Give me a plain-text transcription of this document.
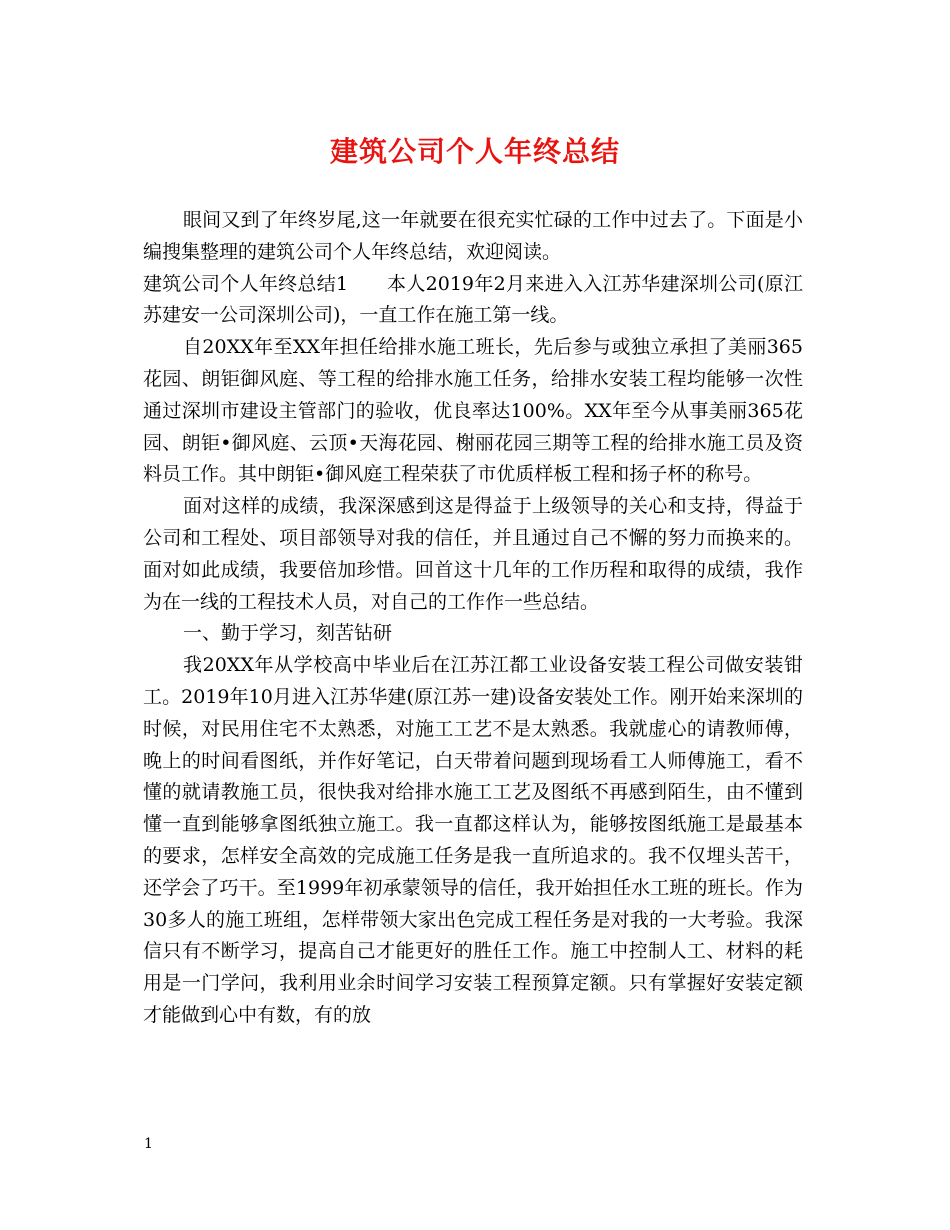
建筑公司个人年终总结

眼间又到了年终岁尾,这一年就要在很充实忙碌的工作中过去了。下面是小编搜集整理的建筑公司个人年终总结，欢迎阅读。

建筑公司个人年终总结1　　本人2019年2月来进入入江苏华建深圳公司(原江苏建安一公司深圳公司)，一直工作在施工第一线。

自20XX年至XX年担任给排水施工班长，先后参与或独立承担了美丽365花园、朗钜御风庭、等工程的给排水施工任务，给排水安装工程均能够一次性通过深圳市建设主管部门的验收，优良率达100%。XX年至今从事美丽365花园、朗钜•御风庭、云顶•天海花园、榭丽花园三期等工程的给排水施工员及资料员工作。其中朗钜•御风庭工程荣获了市优质样板工程和扬子杯的称号。

面对这样的成绩，我深深感到这是得益于上级领导的关心和支持，得益于公司和工程处、项目部领导对我的信任，并且通过自己不懈的努力而换来的。面对如此成绩，我要倍加珍惜。回首这十几年的工作历程和取得的成绩，我作为在一线的工程技术人员，对自己的工作作一些总结。

一、勤于学习，刻苦钻研

我20XX年从学校高中毕业后在江苏江都工业设备安装工程公司做安装钳工。2019年10月进入江苏华建(原江苏一建)设备安装处工作。刚开始来深圳的时候，对民用住宅不太熟悉，对施工工艺不是太熟悉。我就虚心的请教师傅，晚上的时间看图纸，并作好笔记，白天带着问题到现场看工人师傅施工，看不懂的就请教施工员，很快我对给排水施工工艺及图纸不再感到陌生，由不懂到懂一直到能够拿图纸独立施工。我一直都这样认为，能够按图纸施工是最基本的要求，怎样安全高效的完成施工任务是我一直所追求的。我不仅埋头苦干，还学会了巧干。至1999年初承蒙领导的信任，我开始担任水工班的班长。作为30多人的施工班组，怎样带领大家出色完成工程任务是对我的一大考验。我深信只有不断学习，提高自己才能更好的胜任工作。施工中控制人工、材料的耗用是一门学问，我利用业余时间学习安装工程预算定额。只有掌握好安装定额才能做到心中有数，有的放

1
